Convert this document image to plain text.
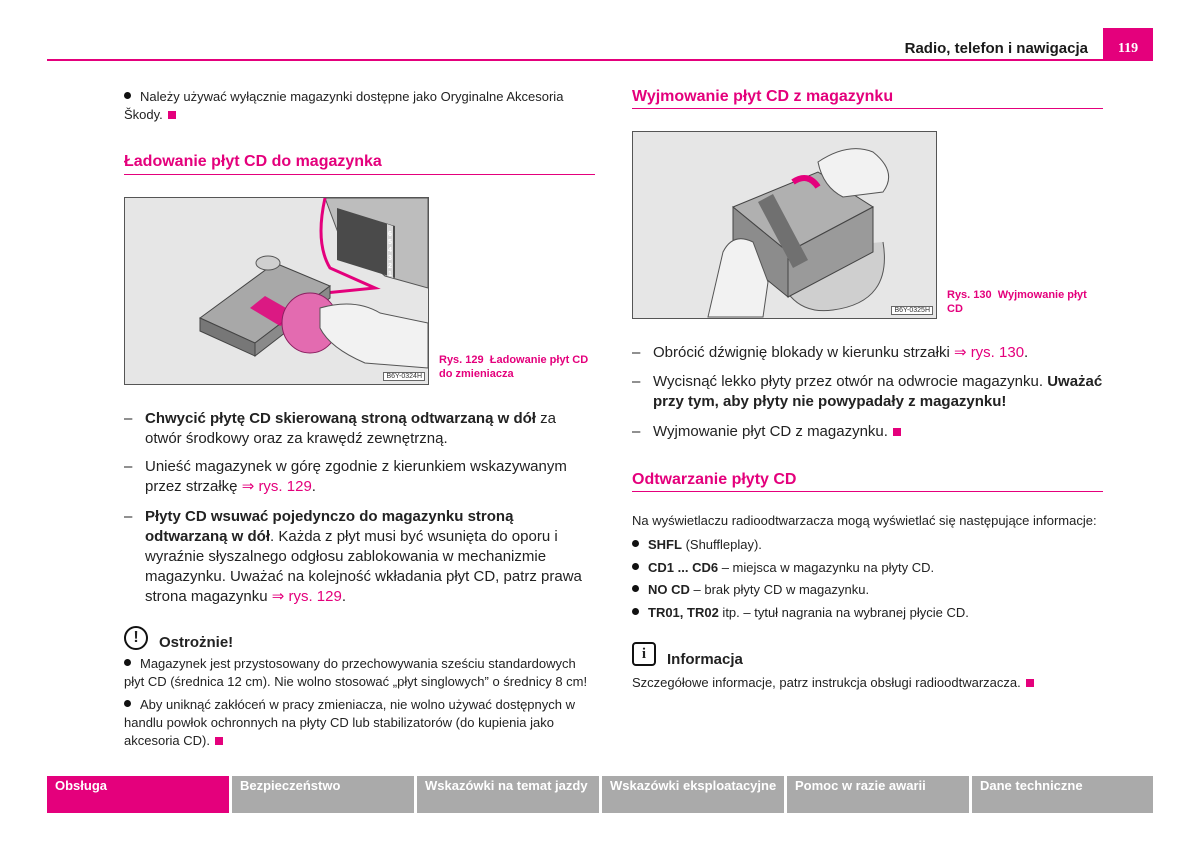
Radio, telefon i nawigacja	119
Należy używać wyłącznie magazynki dostępne jako Oryginalne Akcesoria Škody.
Ładowanie płyt CD do magazynka
6
5
4
3
2
1
B6Y-0324H
Rys. 129 Ładowanie płyt CD do zmieniacza
– Chwycić płytę CD skierowaną stroną odtwarzaną w dół za otwór środkowy oraz za krawędź zewnętrzną.
– Unieść magazynek w górę zgodnie z kierunkiem wskazywanym przez strzałkę ⇒ rys. 129.
– Płyty CD wsuwać pojedynczo do magazynku stroną odtwarzaną w dół. Każda z płyt musi być wsunięta do oporu i wyraźnie słyszalnego odgłosu zablokowania w mechanizmie magazynku. Uważać na kolejność wkładania płyt CD, patrz prawa strona magazynku ⇒ rys. 129.
!	Ostrożnie!
Magazynek jest przystosowany do przechowywania sześciu standardowych płyt CD (średnica 12 cm). Nie wolno stosować „płyt singlowych” o średnicy 8 cm!
Aby uniknąć zakłóceń w pracy zmieniacza, nie wolno używać dostępnych w handlu powłok ochronnych na płyty CD lub stabilizatorów (do kupienia jako akcesoria CD).
Wyjmowanie płyt CD z magazynku
B6Y-0325H
Rys. 130 Wyjmowanie płyt CD
– Obrócić dźwignię blokady w kierunku strzałki ⇒ rys. 130.
– Wycisnąć lekko płyty przez otwór na odwrocie magazynku. Uważać przy tym, aby płyty nie powypadały z magazynku!
– Wyjmowanie płyt CD z magazynku.
Odtwarzanie płyty CD
Na wyświetlaczu radioodtwarzacza mogą wyświetlać się następujące informacje:
SHFL (Shuffleplay).
CD1 ... CD6 – miejsca w magazynku na płyty CD.
NO CD – brak płyty CD w magazynku.
TR01, TR02 itp. – tytuł nagrania na wybranej płycie CD.
i	Informacja
Szczegółowe informacje, patrz instrukcja obsługi radioodtwarzacza.
Obsługa	Bezpieczeństwo	Wskazówki na temat jazdy	Wskazówki eksploatacyjne	Pomoc w razie awarii	Dane techniczne
